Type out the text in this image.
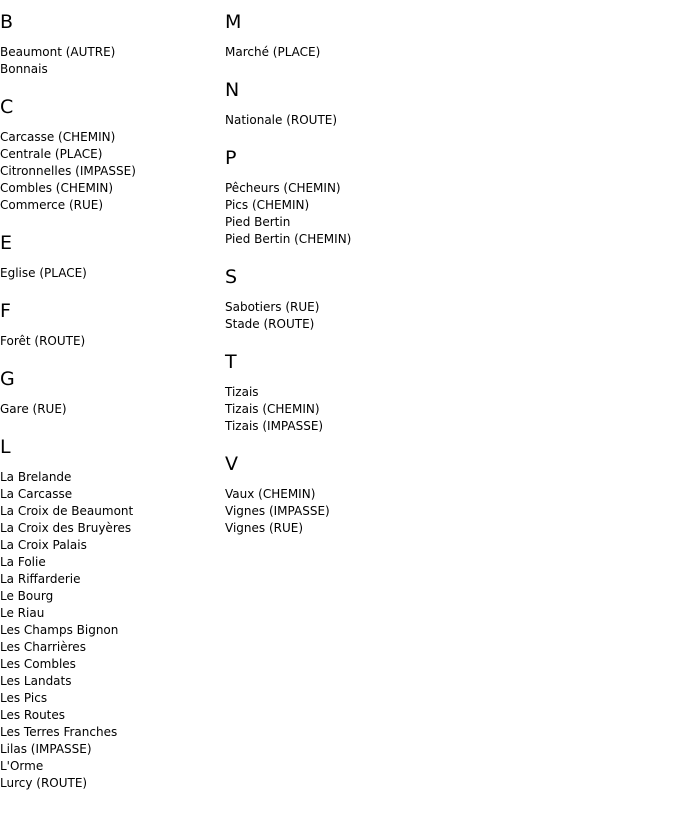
B
Beaumont (AUTRE)
Bonnais
C
Carcasse (CHEMIN)
Centrale (PLACE)
Citronnelles (IMPASSE)
Combles (CHEMIN)
Commerce (RUE)
E
Eglise (PLACE)
F
Forêt (ROUTE)
G
Gare (RUE)
L
La Brelande
La Carcasse
La Croix de Beaumont
La Croix des Bruyères
La Croix Palais
La Folie
La Riffarderie
Le Bourg
Le Riau
Les Champs Bignon
Les Charrières
Les Combles
Les Landats
Les Pics
Les Routes
Les Terres Franches
Lilas (IMPASSE)
L'Orme
Lurcy (ROUTE)
M
Marché (PLACE)
N
Nationale (ROUTE)
P
Pêcheurs (CHEMIN)
Pics (CHEMIN)
Pied Bertin
Pied Bertin (CHEMIN)
S
Sabotiers (RUE)
Stade (ROUTE)
T
Tizais
Tizais (CHEMIN)
Tizais (IMPASSE)
V
Vaux (CHEMIN)
Vignes (IMPASSE)
Vignes (RUE)
